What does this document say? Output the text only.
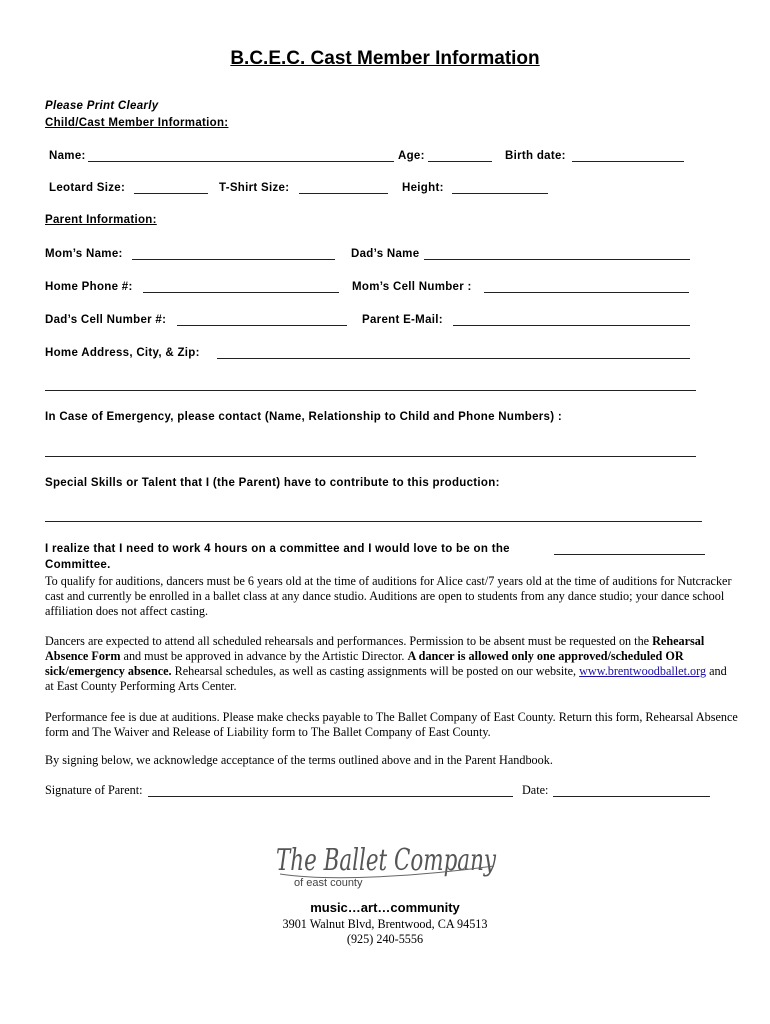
B.C.E.C. Cast Member Information
Please Print Clearly
Child/Cast Member Information:
Name:	Age:	Birth date:
Leotard Size:	T-Shirt Size:	Height:
Parent Information:
Mom’s Name:	Dad’s Name
Home Phone #:	Mom’s Cell Number :
Dad’s Cell Number #:	Parent E-Mail:
Home Address, City, & Zip:
In Case of Emergency, please contact (Name, Relationship to Child and Phone Numbers) :
Special Skills or Talent that I (the Parent) have to contribute to this production:
I realize that I need to work 4 hours on a committee and I would love to be on the
Committee.
To qualify for auditions, dancers must be 6 years old at the time of auditions for Alice cast/7 years old at the time of auditions for Nutcracker cast and currently be enrolled in a ballet class at any dance studio. Auditions are open to students from any dance studio; your dance school affiliation does not affect casting.
Dancers are expected to attend all scheduled rehearsals and performances. Permission to be absent must be requested on the Rehearsal Absence Form and must be approved in advance by the Artistic Director. A dancer is allowed only one approved/scheduled OR sick/emergency absence. Rehearsal schedules, as well as casting assignments will be posted on our website, www.brentwoodballet.org and at East County Performing Arts Center.
Performance fee is due at auditions. Please make checks payable to The Ballet Company of East County. Return this form, Rehearsal Absence form and The Waiver and Release of Liability form to The Ballet Company of East County.
By signing below, we acknowledge acceptance of the terms outlined above and in the Parent Handbook.
Signature of Parent:	Date:
The Ballet Company
of east county
music…art…community
3901 Walnut Blvd, Brentwood, CA 94513
(925) 240-5556
